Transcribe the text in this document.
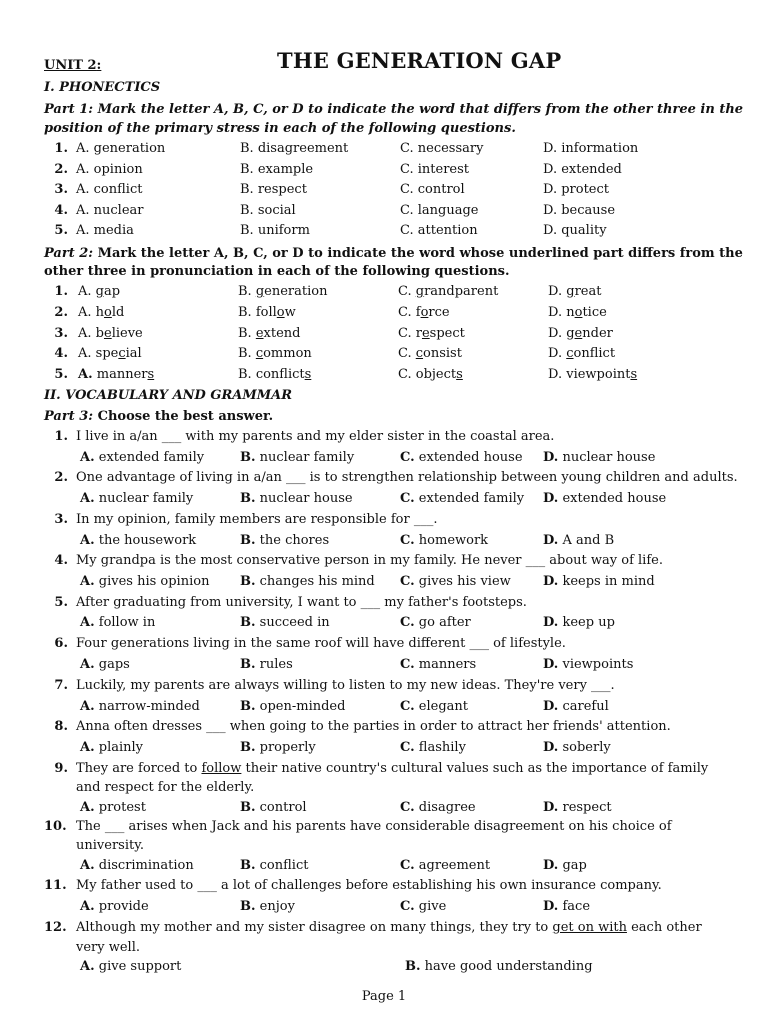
UNIT 2:	THE GENERATION GAP
I. PHONECTICS
Part 1: Mark the letter A, B, C, or D to indicate the word that differs from the other three in the
position of the primary stress in each of the following questions.
1. A. generation	B. disagreement	C. necessary	D. information
2. A. opinion	B. example	C. interest	D. extended
3. A. conflict	B. respect	C. control	D. protect
4. A. nuclear	B. social	C. language	D. because
5. A. media	B. uniform	C. attention	D. quality
Part 2: Mark the letter A, B, C, or D to indicate the word whose underlined part differs from the
other three in pronunciation in each of the following questions.
1. A. gap	B. generation	C. grandparent	D. great
2. A. hold	B. follow	C. force	D. notice
3. A. believe	B. extend	C. respect	D. gender
4. A. special	B. common	C. consist	D. conflict
5. A. manners	B. conflicts	C. objects	D. viewpoints
II. VOCABULARY AND GRAMMAR
Part 3: Choose the best answer.
1. I live in a/an ___ with my parents and my elder sister in the coastal area.
A. extended family	B. nuclear family	C. extended house D. nuclear house
2. One advantage of living in a/an ___ is to strengthen relationship between young children and adults.
A. nuclear family	B. nuclear house	C. extended family D. extended house
3. In my opinion, family members are responsible for ___.
A. the housework	B. the chores	C. homework	D. A and B
4. My grandpa is the most conservative person in my family. He never ___ about way of life.
A. gives his opinion B. changes his mind C. gives his view D. keeps in mind
5. After graduating from university, I want to ___ my father's footsteps.
A. follow in	B. succeed in	C. go after	D. keep up
6. Four generations living in the same roof will have different ___ of lifestyle.
A. gaps	B. rules	C. manners	D. viewpoints
7. Luckily, my parents are always willing to listen to my new ideas. They're very ___.
A. narrow-minded	B. open-minded	C. elegant	D. careful
8. Anna often dresses ___ when going to the parties in order to attract her friends' attention.
A. plainly	B. properly	C. flashily	D. soberly
9. They are forced to follow their native country's cultural values such as the importance of family
and respect for the elderly.
A. protest	B. control	C. disagree	D. respect
10. The ___ arises when Jack and his parents have considerable disagreement on his choice of
university.
A. discrimination	B. conflict	C. agreement	D. gap
11. My father used to ___ a lot of challenges before establishing his own insurance company.
A. provide	B. enjoy	C. give	D. face
12. Although my mother and my sister disagree on many things, they try to get on with each other
very well.
A. give support	B. have good understanding
Page 1
